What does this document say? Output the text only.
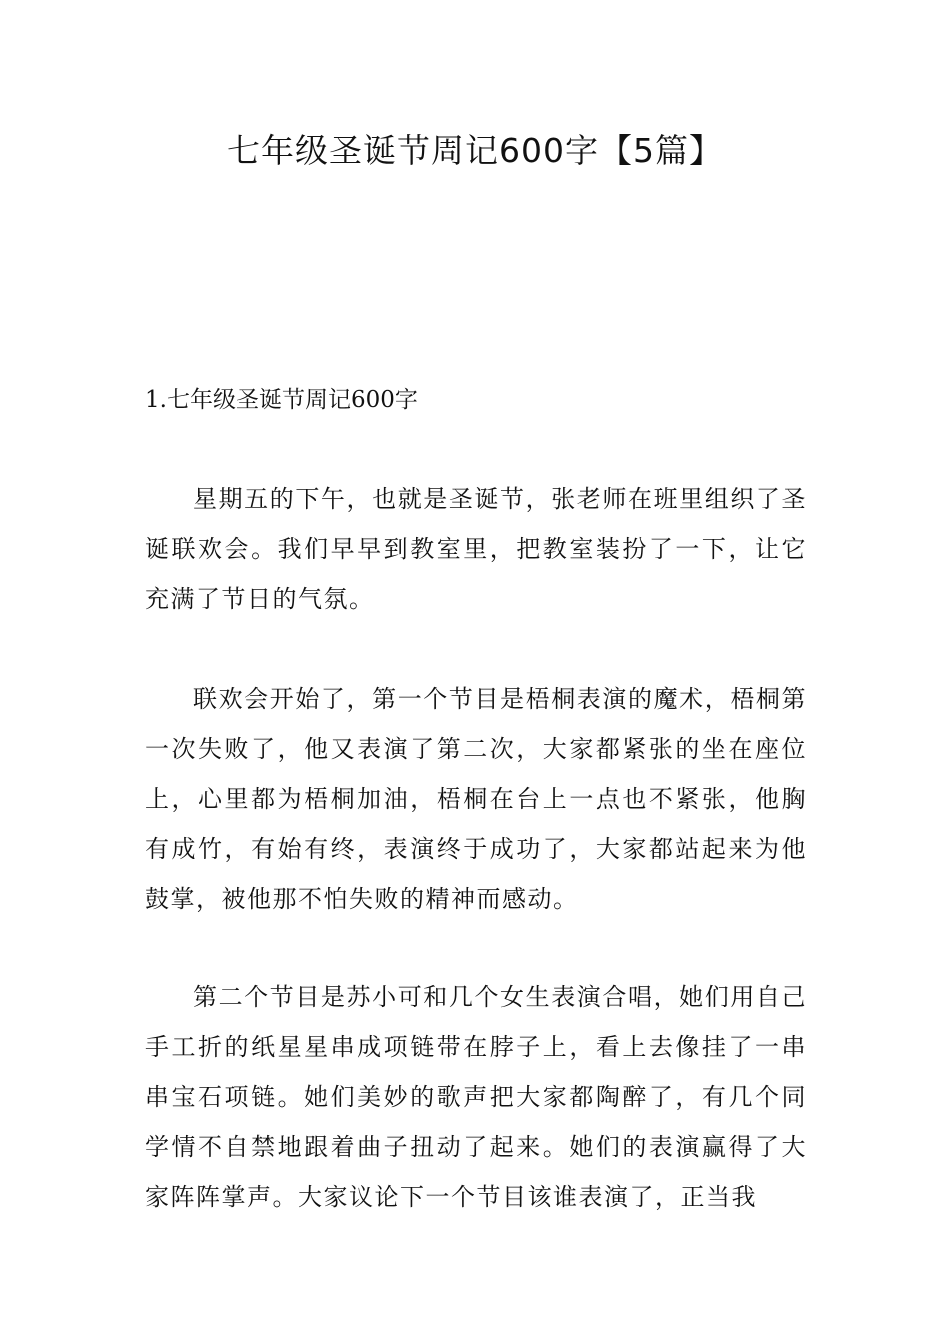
七年级圣诞节周记600字【5篇】
1.七年级圣诞节周记600字

星期五的下午，也就是圣诞节，张老师在班里组织了圣诞联欢会。我们早早到教室里，把教室装扮了一下，让它充满了节日的气氛。

联欢会开始了，第一个节目是梧桐表演的魔术，梧桐第一次失败了，他又表演了第二次，大家都紧张的坐在座位上，心里都为梧桐加油，梧桐在台上一点也不紧张，他胸有成竹，有始有终，表演终于成功了，大家都站起来为他鼓掌，被他那不怕失败的精神而感动。

第二个节目是苏小可和几个女生表演合唱，她们用自己手工折的纸星星串成项链带在脖子上，看上去像挂了一串串宝石项链。她们美妙的歌声把大家都陶醉了，有几个同学情不自禁地跟着曲子扭动了起来。她们的表演赢得了大家阵阵掌声。大家议论下一个节目该谁表演了，正当我
